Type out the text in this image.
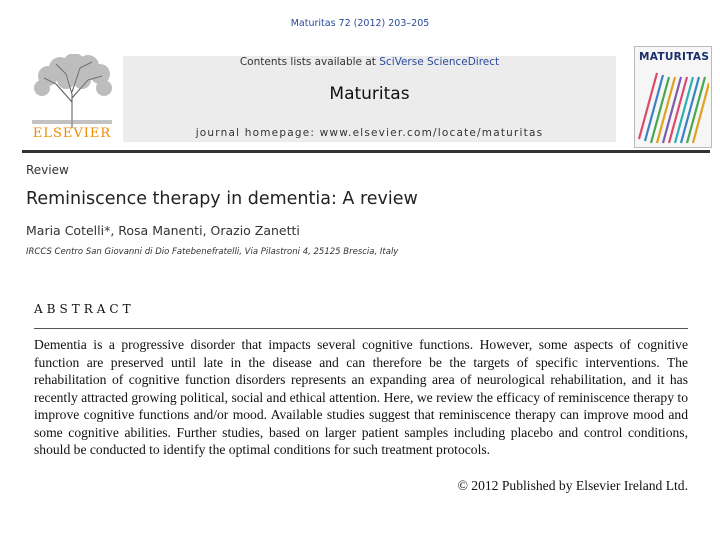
Maturitas 72 (2012) 203–205
ELSEVIER
Contents lists available at SciVerse ScienceDirect
Maturitas
journal homepage: www.elsevier.com/locate/maturitas
MATURITAS
Review
Reminiscence therapy in dementia: A review
Maria Cotelli*, Rosa Manenti, Orazio Zanetti
IRCCS Centro San Giovanni di Dio Fatebenefratelli, Via Pilastroni 4, 25125 Brescia, Italy
ABSTRACT

Dementia is a progressive disorder that impacts several cognitive functions. However, some aspects of cognitive function are preserved until late in the disease and can therefore be the targets of specific interventions. The rehabilitation of cognitive function disorders represents an expanding area of neurological rehabilitation, and it has recently attracted growing political, social and ethical attention. Here, we review the efficacy of reminiscence therapy to improve cognitive functions and/or mood. Available studies suggest that reminiscence therapy can improve mood and some cognitive abilities. Further studies, based on larger patient samples including placebo and control conditions, should be conducted to identify the optimal conditions for such treatment protocols.

© 2012 Published by Elsevier Ireland Ltd.
